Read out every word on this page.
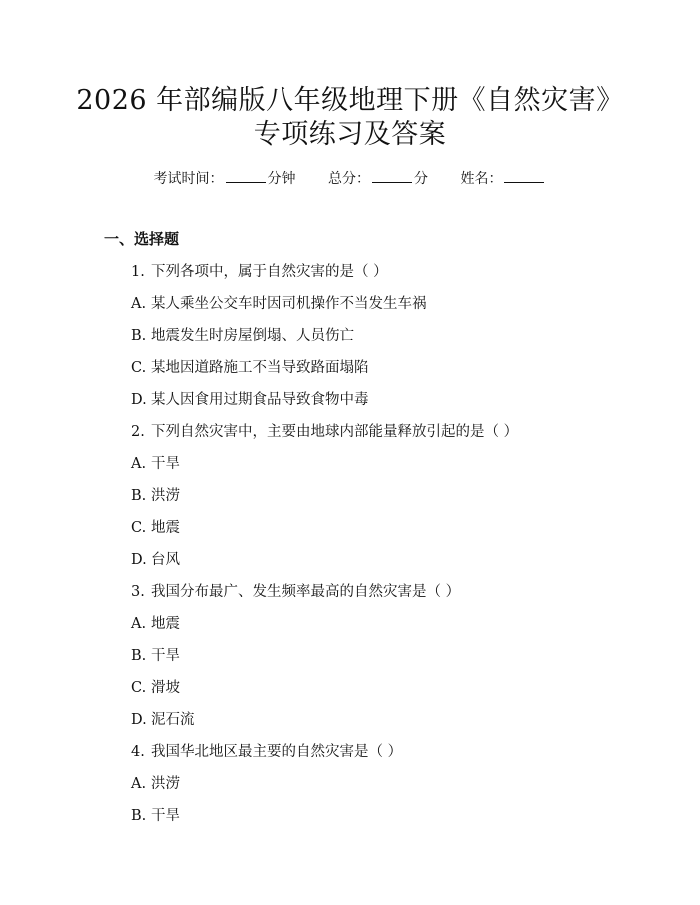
2026 年部编版八年级地理下册《自然灾害》
专项练习及答案
考试时间：	分钟 总分：	分 姓名：
一、选择题
1. 下列各项中，属于自然灾害的是（ ）
A. 某人乘坐公交车时因司机操作不当发生车祸
B. 地震发生时房屋倒塌、人员伤亡
C. 某地因道路施工不当导致路面塌陷
D. 某人因食用过期食品导致食物中毒
2. 下列自然灾害中，主要由地球内部能量释放引起的是（ ）
A. 干旱
B. 洪涝
C. 地震
D. 台风
3. 我国分布最广、发生频率最高的自然灾害是（ ）
A. 地震
B. 干旱
C. 滑坡
D. 泥石流
4. 我国华北地区最主要的自然灾害是（ ）
A. 洪涝
B. 干旱
